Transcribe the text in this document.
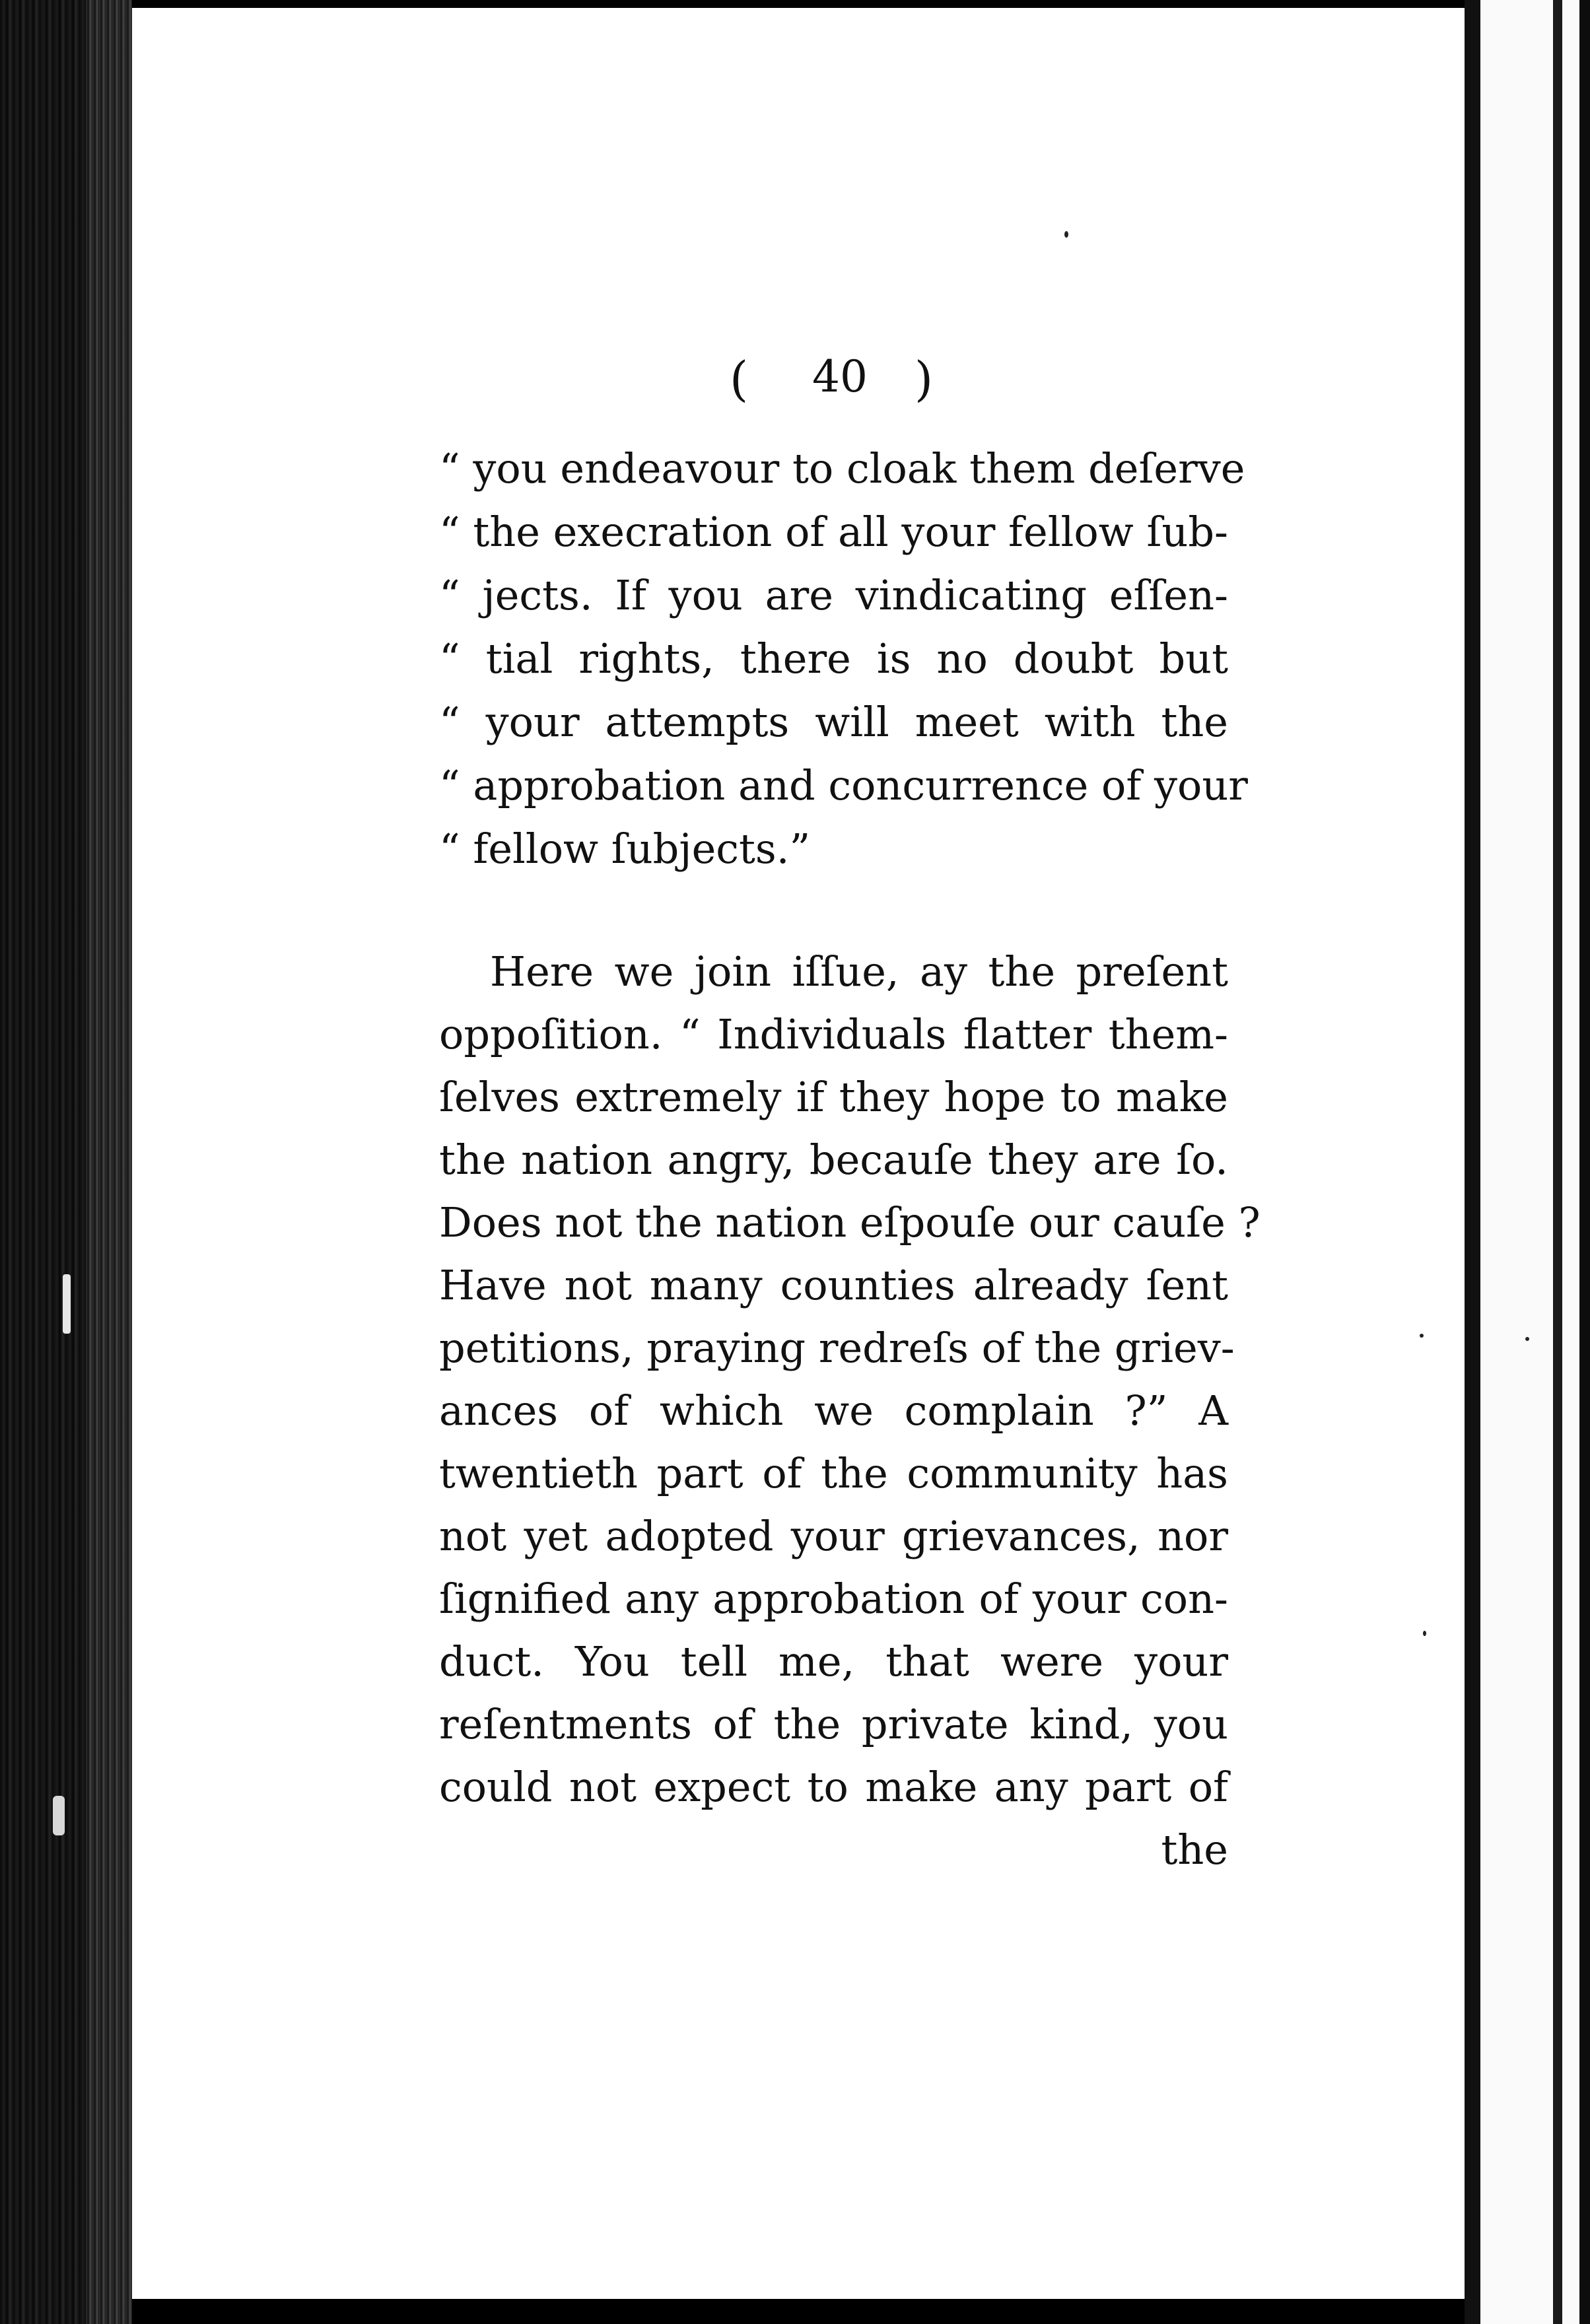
( 40 )
“ you endeavour to cloak them deſerve
“ the execration of all your fellow ſub-
“ jects. If you are vindicating eſſen-
“ tial rights, there is no doubt but
“ your attempts will meet with the
“ approbation and concurrence of your
“ fellow ſubjects.”
Here we join iſſue, ay the preſent
oppoſition. “ Individuals flatter them-
ſelves extremely if they hope to make
the nation angry, becauſe they are ſo.
Does not the nation eſpouſe our cauſe ?
Have not many counties already ſent
petitions, praying redreſs of the griev-
ances of which we complain ?” A
twentieth part of the community has
not yet adopted your grievances, nor
ſignified any approbation of your con-
duct. You tell me, that were your
reſentments of the private kind, you
could not expect to make any part of
the
